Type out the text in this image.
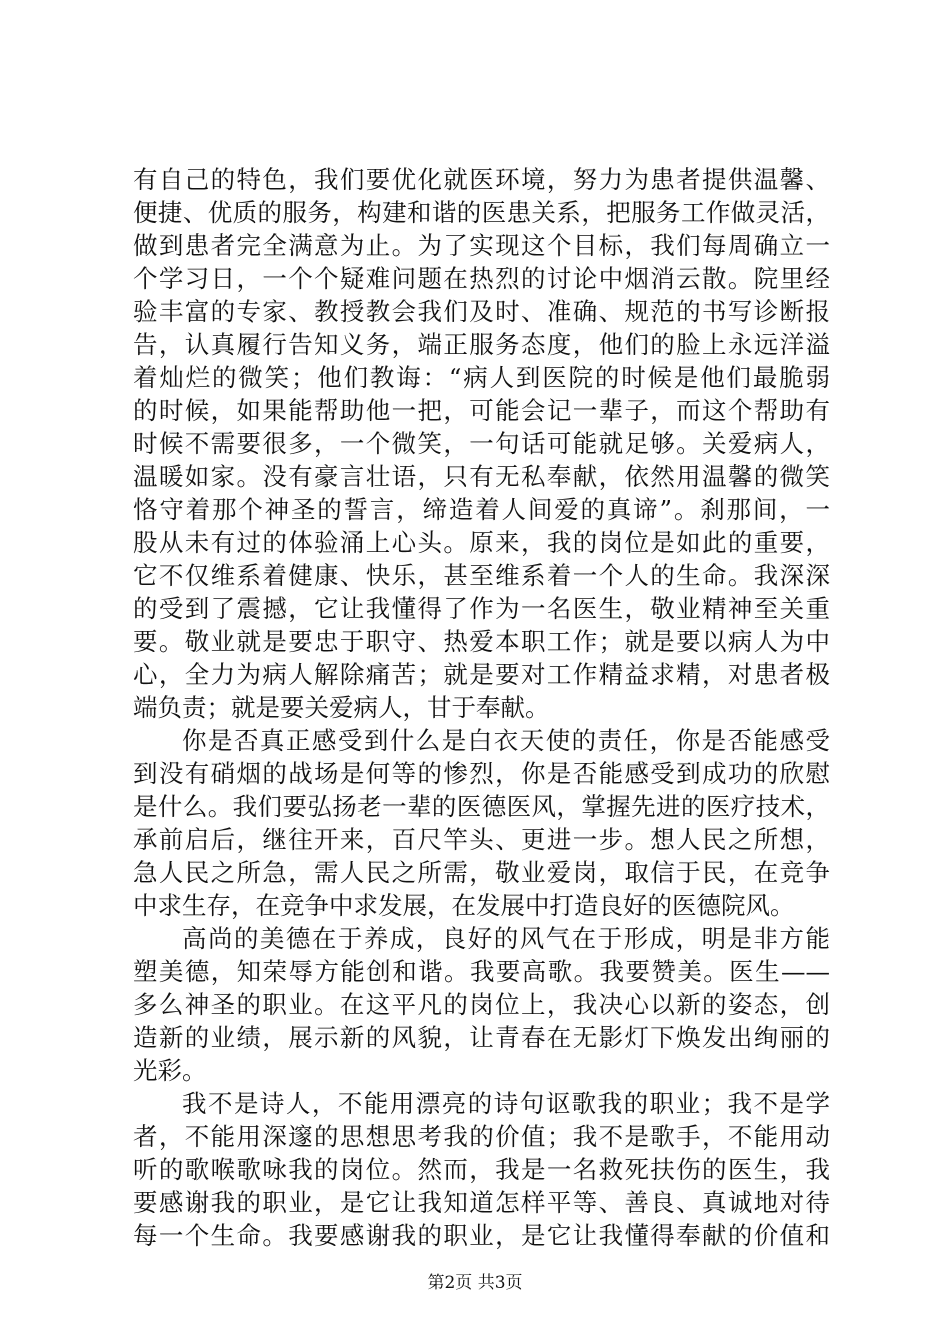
有自己的特色，我们要优化就医环境，努力为患者提供温馨、
便捷、优质的服务，构建和谐的医患关系，把服务工作做灵活，
做到患者完全满意为止。为了实现这个目标，我们每周确立一
个学习日，一个个疑难问题在热烈的讨论中烟消云散。院里经
验丰富的专家、教授教会我们及时、准确、规范的书写诊断报
告，认真履行告知义务，端正服务态度，他们的脸上永远洋溢
着灿烂的微笑；他们教诲：“病人到医院的时候是他们最脆弱
的时候，如果能帮助他一把，可能会记一辈子，而这个帮助有
时候不需要很多，一个微笑，一句话可能就足够。关爱病人，
温暖如家。没有豪言壮语，只有无私奉献，依然用温馨的微笑
恪守着那个神圣的誓言，缔造着人间爱的真谛”。刹那间，一
股从未有过的体验涌上心头。原来，我的岗位是如此的重要，
它不仅维系着健康、快乐，甚至维系着一个人的生命。我深深
的受到了震撼，它让我懂得了作为一名医生，敬业精神至关重
要。敬业就是要忠于职守、热爱本职工作；就是要以病人为中
心，全力为病人解除痛苦；就是要对工作精益求精，对患者极
端负责；就是要关爱病人，甘于奉献。
你是否真正感受到什么是白衣天使的责任，你是否能感受
到没有硝烟的战场是何等的惨烈，你是否能感受到成功的欣慰
是什么。我们要弘扬老一辈的医德医风，掌握先进的医疗技术，
承前启后，继往开来，百尺竿头、更进一步。想人民之所想，
急人民之所急，需人民之所需，敬业爱岗，取信于民，在竞争
中求生存，在竞争中求发展，在发展中打造良好的医德院风。
高尚的美德在于养成，良好的风气在于形成，明是非方能
塑美德，知荣辱方能创和谐。我要高歌。我要赞美。医生——
多么神圣的职业。在这平凡的岗位上，我决心以新的姿态，创
造新的业绩，展示新的风貌，让青春在无影灯下焕发出绚丽的
光彩。
我不是诗人，不能用漂亮的诗句讴歌我的职业；我不是学
者，不能用深邃的思想思考我的价值；我不是歌手，不能用动
听的歌喉歌咏我的岗位。然而，我是一名救死扶伤的医生，我
要感谢我的职业，是它让我知道怎样平等、善良、真诚地对待
每一个生命。我要感谢我的职业，是它让我懂得奉献的价值和
第2页 共3页
